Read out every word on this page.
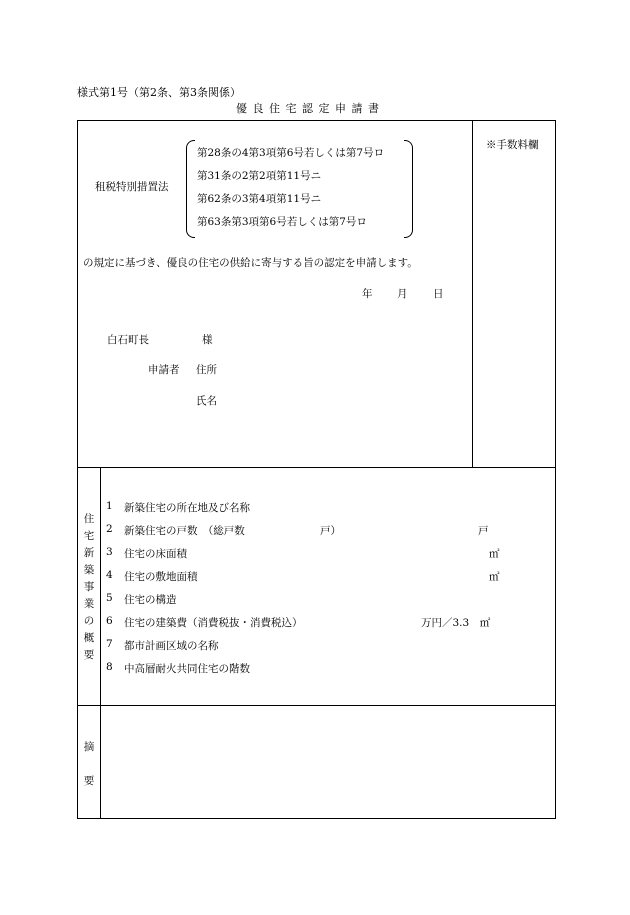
様式第1号（第2条、第3条関係）
優 良 住 宅 認 定 申 請 書
※手数料欄
租税特別措置法
第28条の4第3項第6号若しくは第7号ロ
第31条の2第2項第11号ニ
第62条の3第4項第11号ニ
第63条第3項第6号若しくは第7号ロ
の規定に基づき、優良の住宅の供給に寄与する旨の認定を申請します。
年 月 日
白石町長	様
申請者 住所
氏名
住
宅
新
築
事
業
の
概
要
1 新築住宅の所在地及び名称
2 新築住宅の戸数　（総戸数	戸）	戸
3 住宅の床面積	㎡
4 住宅の敷地面積	㎡
5 住宅の構造
6 住宅の建築費（消費税抜・消費税込）	万円／3.3　㎡
7 都市計画区域の名称
8 中高層耐火共同住宅の階数
摘
要
